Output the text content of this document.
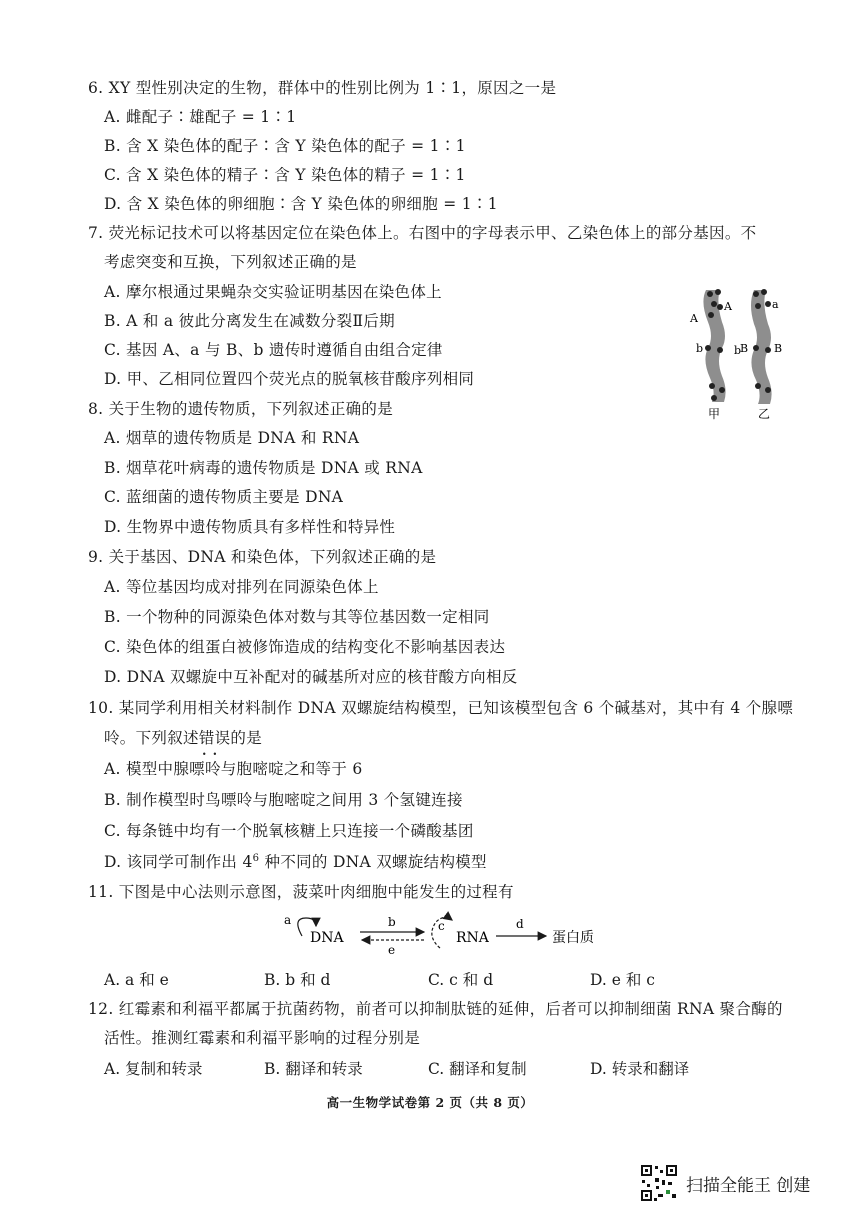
6. XY 型性别决定的生物，群体中的性别比例为 1∶1，原因之一是
A. 雌配子∶雄配子 = 1∶1
B. 含 X 染色体的配子∶含 Y 染色体的配子 = 1∶1
C. 含 X 染色体的精子∶含 Y 染色体的精子 = 1∶1
D. 含 X 染色体的卵细胞∶含 Y 染色体的卵细胞 = 1∶1
7. 荧光标记技术可以将基因定位在染色体上。右图中的字母表示甲、乙染色体上的部分基因。不
考虑突变和互换，下列叙述正确的是
A. 摩尔根通过果蝇杂交实验证明基因在染色体上
B. A 和 a 彼此分离发生在减数分裂Ⅱ后期
C. 基因 A、a 与 B、b 遗传时遵循自由组合定律
D. 甲、乙相同位置四个荧光点的脱氧核苷酸序列相同
A
A
a
b	b
B B
甲	乙
8. 关于生物的遗传物质，下列叙述正确的是
A. 烟草的遗传物质是 DNA 和 RNA
B. 烟草花叶病毒的遗传物质是 DNA 或 RNA
C. 蓝细菌的遗传物质主要是 DNA
D. 生物界中遗传物质具有多样性和特异性
9. 关于基因、DNA 和染色体，下列叙述正确的是
A. 等位基因均成对排列在同源染色体上
B. 一个物种的同源染色体对数与其等位基因数一定相同
C. 染色体的组蛋白被修饰造成的结构变化不影响基因表达
D. DNA 双螺旋中互补配对的碱基所对应的核苷酸方向相反
10. 某同学利用相关材料制作 DNA 双螺旋结构模型，已知该模型包含 6 个碱基对，其中有 4 个腺嘌
呤。下列叙述错误 ••的是
A. 模型中腺嘌呤与胞嘧啶之和等于 6
B. 制作模型时鸟嘌呤与胞嘧啶之间用 3 个氢键连接
C. 每条链中均有一个脱氧核糖上只连接一个磷酸基团
D. 该同学可制作出 $4^6$ 种不同的 DNA 双螺旋结构模型
11. 下图是中心法则示意图，菠菜叶肉细胞中能发生的过程有
a
DNA
b
e
c
RNA
d
蛋白质
A. a 和 e	B. b 和 d	C. c 和 d	D. e 和 c
12. 红霉素和利福平都属于抗菌药物，前者可以抑制肽链的延伸，后者可以抑制细菌 RNA 聚合酶的
活性。推测红霉素和利福平影响的过程分别是
A. 复制和转录	B. 翻译和转录	C. 翻译和复制	D. 转录和翻译
高一生物学试卷第 2 页（共 8 页）
扫描全能王 创建
